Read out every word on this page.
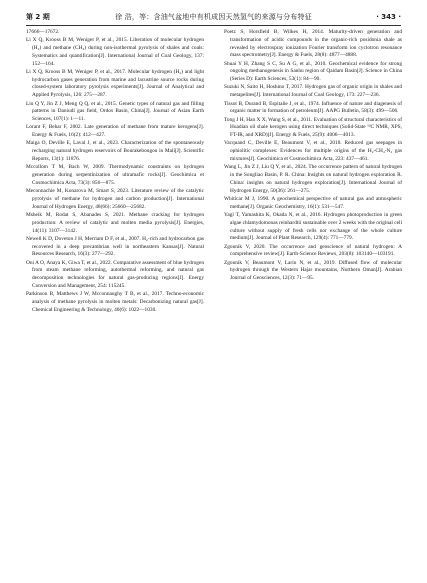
第 2 期	徐 浩，等：含油气盆地中有机成因天然氢气的来源与分布特征	· 343 ·

17666—17672.

Li X Q, Krooss B M, Weniger P, et al., 2015. Liberation of molecular hydrogen (H₂) and methane (CH₄) during non-isothermal pyrolysis of shales and coals: Systematics and quantification[J]. International Journal of Coal Geology, 137: 152—164.

Li X Q, Krooss B M, Weniger P, et al., 2017. Molecular hydrogen (H₂) and light hydrocarbon gases generation from marine and lacustrine source rocks during closed-system laboratory pyrolysis experiments[J]. Journal of Analytical and Applied Pyrolysis, 126: 275—287.

Liu Q Y, Jin Z J, Meng Q Q, et al., 2015. Genetic types of natural gas and filling patterns in Daniudi gas field, Ordos Basin, China[J]. Journal of Asian Earth Sciences, 107(1): 1—11.

Lorant F, Behar F, 2002. Late generation of methane from mature kerogens[J]. Energy & Fuels, 16(2): 412—427.

Maiga O, Deville E, Laval J, et al., 2023. Characterization of the spontaneously recharging natural hydrogen reservoirs of Bourakebougou in Mali[J]. Scientific Reports, 13(1): 11876.

Mccollom T M, Bach W, 2009. Thermodynamic constraints on hydrogen generation during serpentinization of ultramafic rocks[J]. Geochimica et Cosmochimica Acta, 73(3): 856—875.

Meconnachie M, Konarova M, Smart S, 2023. Literature review of the catalytic pyrolysis of methane for hydrogen and carbon production[J]. International Journal of Hydrogen Energy, 48(66): 25660—25682.

Msheik M, Rodat S, Abanades S, 2021. Methane cracking for hydrogen production: A review of catalytic and molten media pyrolysis[J]. Energies, 14(11): 3107—3142.

Newell K D, Doveton J H, Merriam D F, et al., 2007. H₂-rich and hydrocarbon gas recovered in a deep precambrian well in northeastern Kansas[J]. Natural Resources Research, 16(3): 277—292.

Oni A O, Anaya K, Giwa T, et al., 2022. Comparative assessment of blue hydrogen from steam methane reforming, autothermal reforming, and natural gas decomposition technologies for natural gas-producing regions[J]. Energy Conversion and Management, 254: 115245.

Parkinson B, Matthews J W, Mcconnaughy T B, et al., 2017. Techno-economic analysis of methane pyrolysis in molten metals: Decarbonizing natural gas[J]. Chemical Engineering & Technology, 40(6): 1022—1030.

Poetz S, Horsfield B, Wilkes H, 2014. Maturity-driven generation and transformation of acidic compounds in the organic-rich posidonia shale as revealed by electrospray ionization Fourier transform ion cyclotron resonance mass spectrometry[J]. Energy & Fuels, 28(8): 4877—4888.

Shuai Y H, Zhang S C, Su A G, et al., 2010. Geochemical evidence for strong ongoing methanogenesis in Sanhu region of Qaidam Basin[J]. Science in China (Series D): Earth Sciences, 53(1): 84—90.

Suzuki N, Saito H, Hoshino T, 2017. Hydrogen gas of organic origin in shales and metapelites[J]. International Journal of Coal Geology, 173: 227—236.

Tissot B, Durand B, Espitalie J, et al., 1974. Influence of nature and diagenesis of organic matter in formation of petroleum[J]. AAPG Bulletin, 58(3): 499—506.

Tong J H, Han X X, Wang S, et al., 2011. Evaluation of structural characteristics of Huadian oil shale kerogen using direct techniques (Solid-State ¹³C NMR, XPS, FT-IR, and XRD)[J]. Energy & Fuels, 25(9): 4006—4013.

Vacquand C, Deville E, Beaumont V, et al., 2018. Reduced gas seepages in ophiolitic complexes: Evidences for multiple origins of the H₂-CH₄-N₂ gas mixtures[J]. Geochimica et Cosmochimica Acta, 223: 437—461.

Wang L, Jin Z J, Liu Q Y, et al., 2024. The occurrence pattern of natural hydrogen in the Songliao Basin, P. R. China: Insights on natural hydrogen exploration R. China: insights on natural hydrogen exploration[J]. International Journal of Hydrogen Energy, 50(36): 261—275.

Whiticar M J, 1990. A geochemical perspective of natural gas and atmospheric methane[J]. Organic Geochemistry, 16(1): 531—547.

Yagi T, Yamashita K, Okada N, et al., 2016. Hydrogen photoproduction in green algae chlamydomonas reinhardtii sustainable over 2 weeks with the original cell culture without supply of fresh cells nor exchange of the whole culture medium[J]. Journal of Plant Research, 129(4): 771—779.

Zgonnik V, 2020. The occurrence and geoscience of natural hydrogen: A comprehensive review[J]. Earth-Science Reviews, 203(8): 103140—103191.

Zgonnik V, Beaumont V, Larin N, et al., 2019. Diffused flow of molecular hydrogen through the Western Hajar mountains, Northern Oman[J]. Arabian Journal of Geosciences, 12(3): 71—95.
